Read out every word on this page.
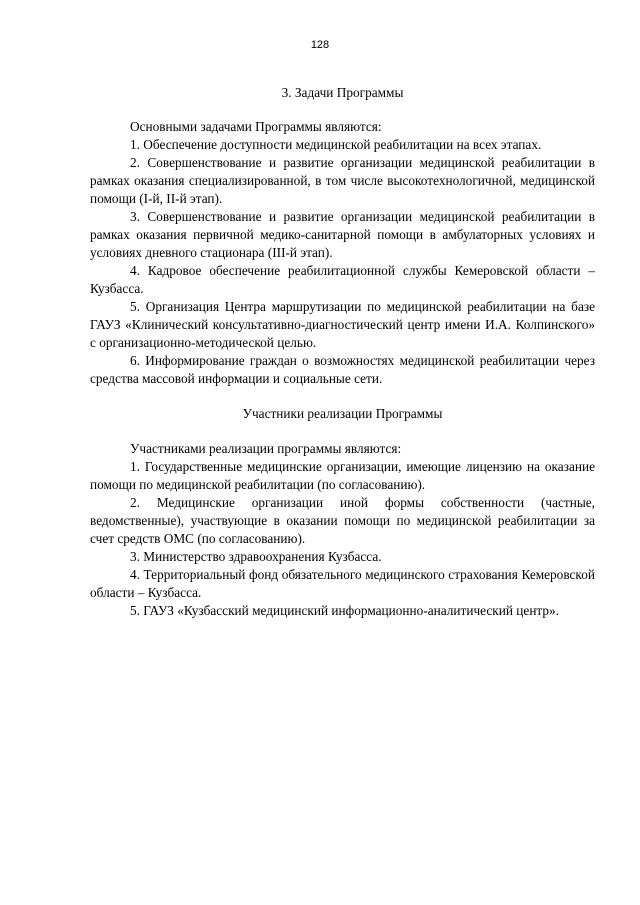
128
3. Задачи Программы

Основными задачами Программы являются:

1. Обеспечение доступности медицинской реабилитации на всех этапах.

2. Совершенствование и развитие организации медицинской реабилитации в рамках оказания специализированной, в том числе высокотехнологичной, медицинской помощи (I-й, II-й этап).

3. Совершенствование и развитие организации медицинской реабилитации в рамках оказания первичной медико-санитарной помощи в амбулаторных условиях и условиях дневного стационара (III-й этап).

4. Кадровое обеспечение реабилитационной службы Кемеровской области – Кузбасса.

5. Организация Центра маршрутизации по медицинской реабилитации на базе ГАУЗ «Клинический консультативно-диагностический центр имени И.А. Колпинского» с организационно-методической целью.

6. Информирование граждан о возможностях медицинской реабилитации через средства массовой информации и социальные сети.

Участники реализации Программы

Участниками реализации программы являются:

1. Государственные медицинские организации, имеющие лицензию на оказание помощи по медицинской реабилитации (по согласованию).

2. Медицинские организации иной формы собственности (частные, ведомственные), участвующие в оказании помощи по медицинской реабилитации за счет средств ОМС (по согласованию).

3. Министерство здравоохранения Кузбасса.

4. Территориальный фонд обязательного медицинского страхования Кемеровской области – Кузбасса.

5. ГАУЗ «Кузбасский медицинский информационно-аналитический центр».
